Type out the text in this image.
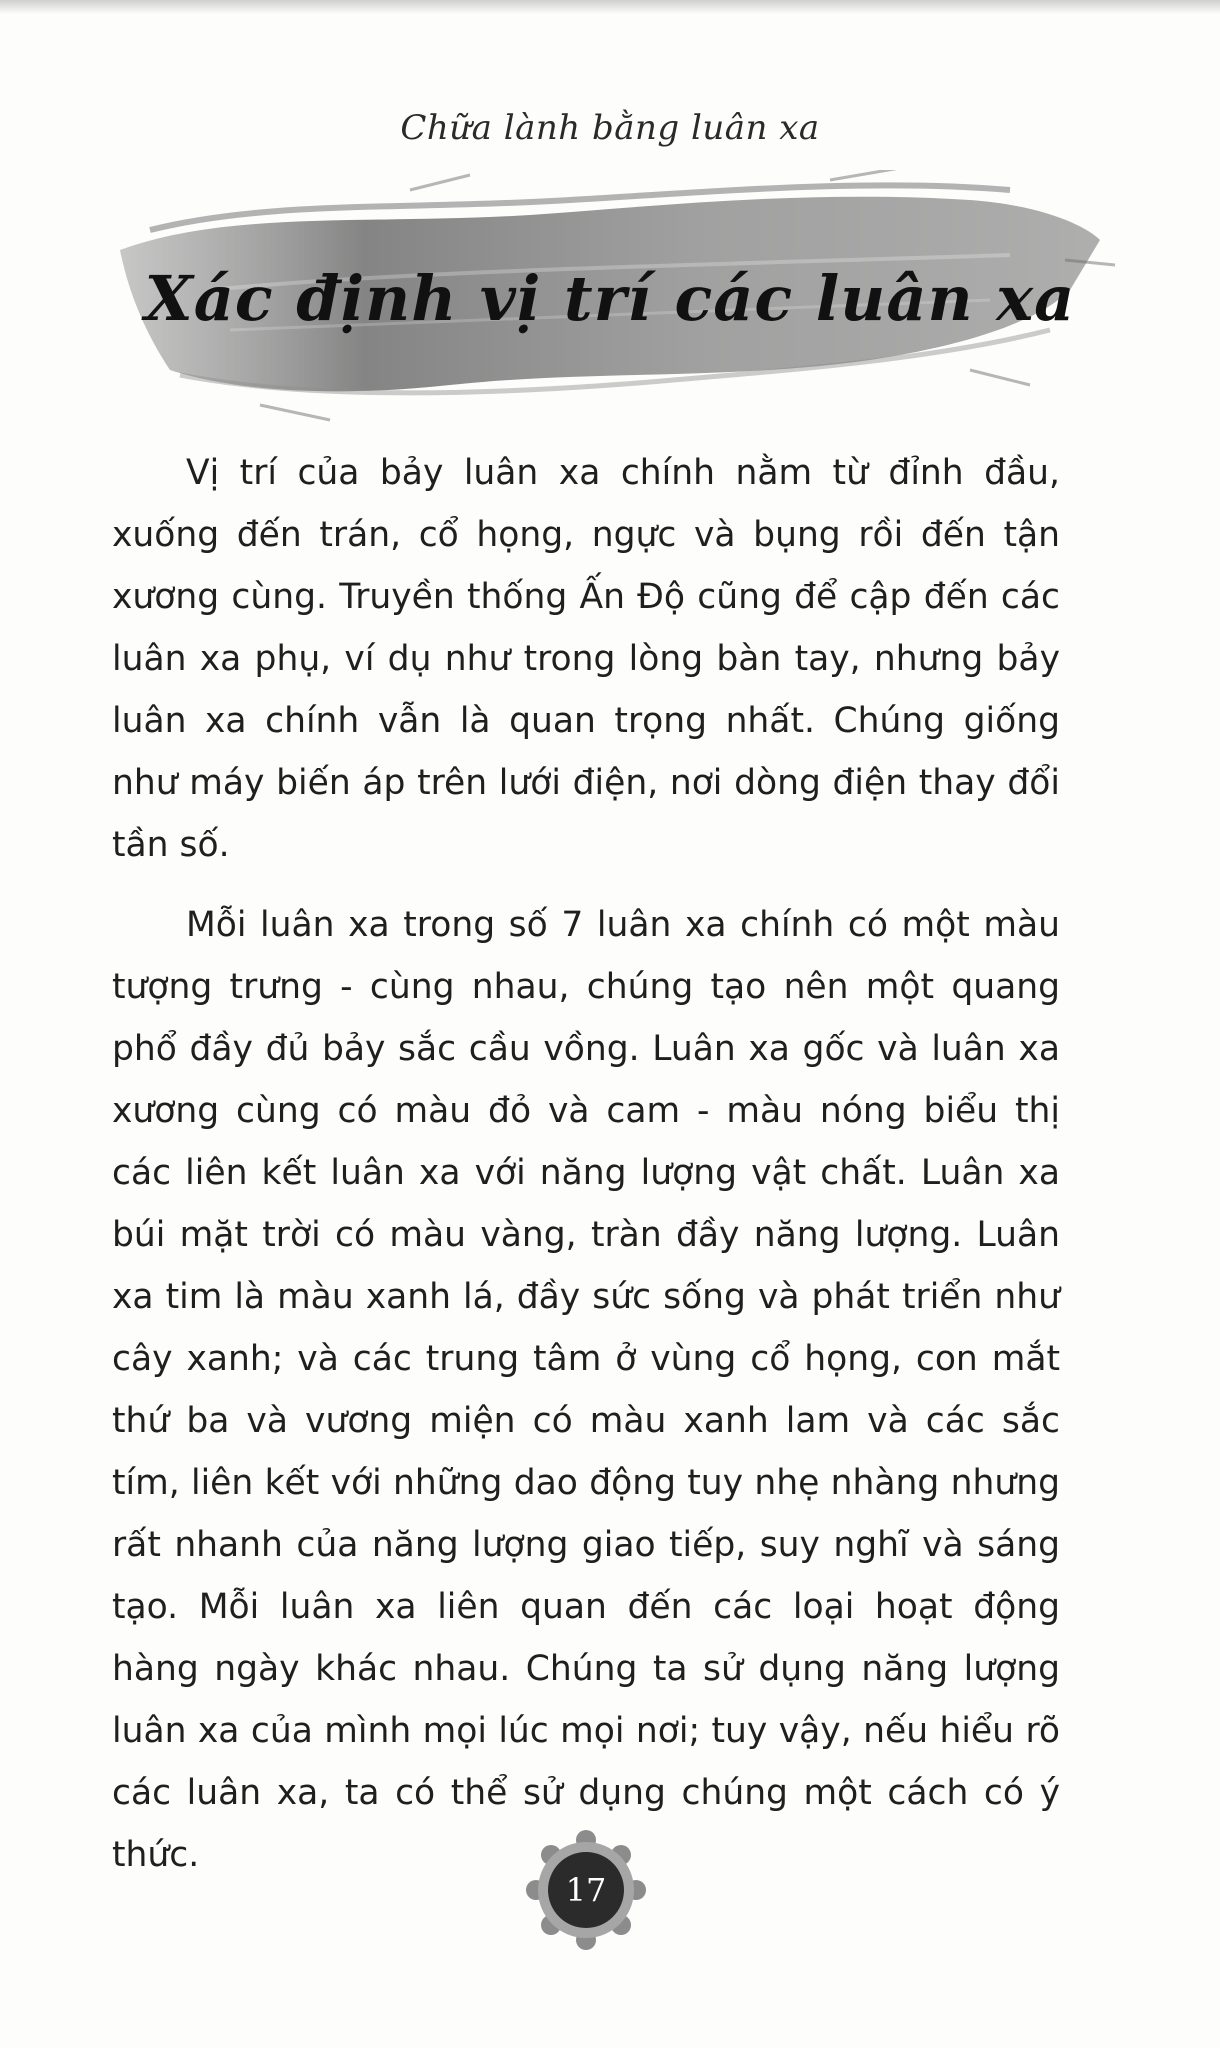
Chữa lành bằng luân xa
Xác định vị trí các luân xa

Vị trí của bảy luân xa chính nằm từ đỉnh đầu, xuống đến trán, cổ họng, ngực và bụng rồi đến tận xương cùng. Truyền thống Ấn Độ cũng để cập đến các luân xa phụ, ví dụ như trong lòng bàn tay, nhưng bảy luân xa chính vẫn là quan trọng nhất. Chúng giống như máy biến áp trên lưới điện, nơi dòng điện thay đổi tần số.

Mỗi luân xa trong số 7 luân xa chính có một màu tượng trưng - cùng nhau, chúng tạo nên một quang phổ đầy đủ bảy sắc cầu vồng. Luân xa gốc và luân xa xương cùng có màu đỏ và cam - màu nóng biểu thị các liên kết luân xa với năng lượng vật chất. Luân xa búi mặt trời có màu vàng, tràn đầy năng lượng. Luân xa tim là màu xanh lá, đầy sức sống và phát triển như cây xanh; và các trung tâm ở vùng cổ họng, con mắt thứ ba và vương miện có màu xanh lam và các sắc tím, liên kết với những dao động tuy nhẹ nhàng nhưng rất nhanh của năng lượng giao tiếp, suy nghĩ và sáng tạo. Mỗi luân xa liên quan đến các loại hoạt động hàng ngày khác nhau. Chúng ta sử dụng năng lượng luân xa của mình mọi lúc mọi nơi; tuy vậy, nếu hiểu rõ các luân xa, ta có thể sử dụng chúng một cách có ý thức.

17
